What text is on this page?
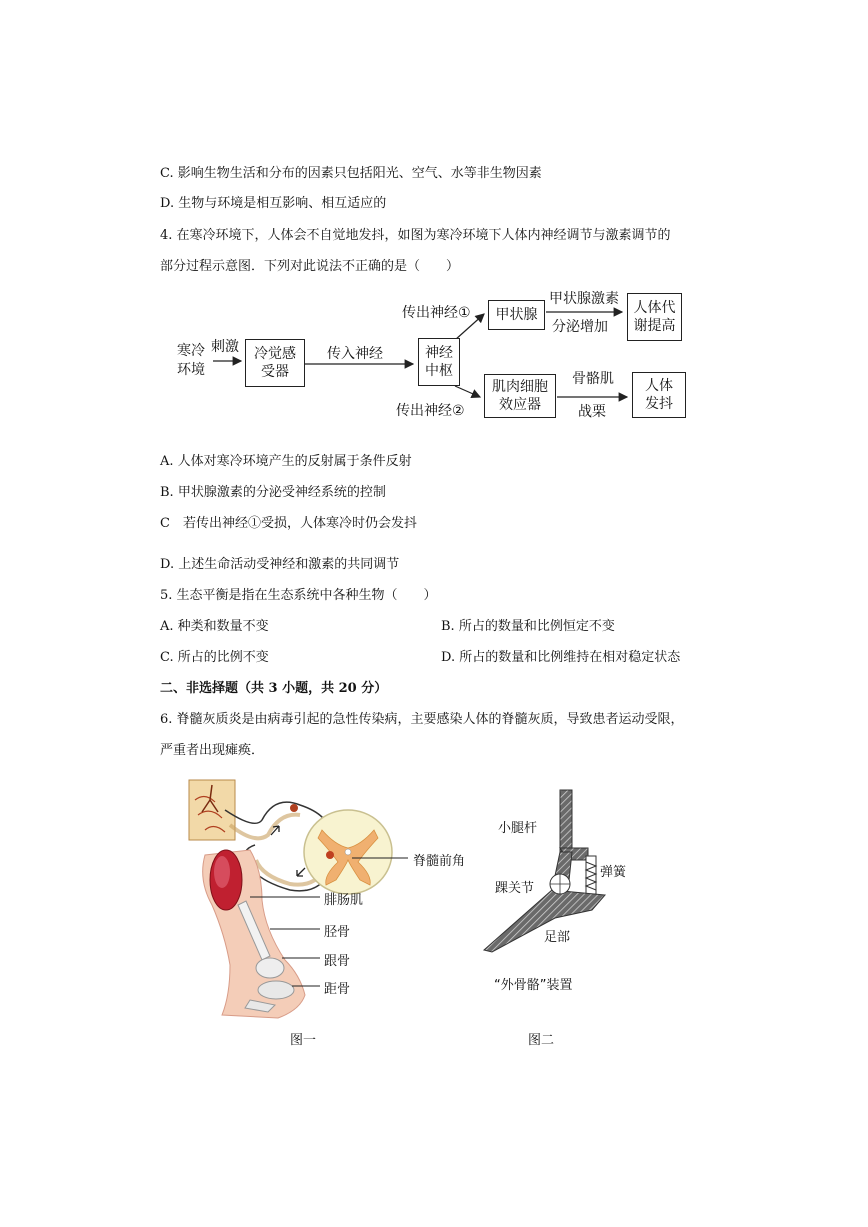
C. 影响生物生活和分布的因素只包括阳光、空气、水等非生物因素
D. 生物与环境是相互影响、相互适应的
4. 在寒冷环境下，人体会不自觉地发抖，如图为寒冷环境下人体内神经调节与激素调节的
部分过程示意图．下列对此说法不正确的是（　　）
寒冷
环境
刺激	冷觉感
受器
传入神经	神经
中枢
传出神经①	甲状腺
甲状腺激素
分泌增加
人体代
谢提高
传出神经②
肌肉细胞
效应器
骨骼肌
战栗
人体
发抖
A. 人体对寒冷环境产生的反射属于条件反射
B. 甲状腺激素的分泌受神经系统的控制
C　若传出神经①受损，人体寒冷时仍会发抖
D. 上述生命活动受神经和激素的共同调节
5. 生态平衡是指在生态系统中各种生物（　　）
A. 种类和数量不变	B. 所占的数量和比例恒定不变
C. 所占的比例不变	D. 所占的数量和比例维持在相对稳定状态
二、非选择题（共 3 小题，共 20 分）
6. 脊髓灰质炎是由病毒引起的急性传染病，主要感染人体的脊髓灰质，导致患者运动受限，
严重者出现瘫痪．
脊髓前角
腓肠肌
胫骨
跟骨
距骨
图一
小腿杆
弹簧
踝关节
足部
“外骨骼”装置
图二
